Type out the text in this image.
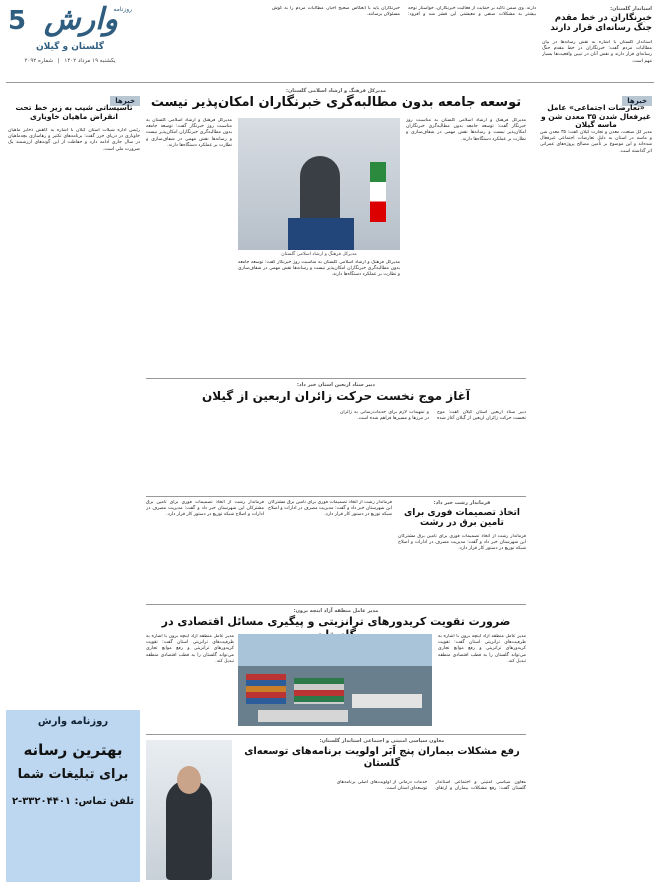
5 وارش
روزنامه
گلستان و گیلان
یکشنبه ۱۹ مرداد ۱۴۰۲ | شماره ۲۰۹۲
دارند. وی ضمن تأکید بر حمایت از فعالیت خبرنگاران، خواستار توجه بیشتر به مشکلات صنفی و معیشتی این قشر شد و افزود: خبرنگاران باید با انعکاس صحیح اخبار، مطالبات مردم را به گوش مسئولان برسانند.
استاندار گلستان:
خبرنگاران در خط مقدم جنگ رسانه‌ای قرار دارند
استاندار گلستان با اشاره به نقش رسانه‌ها در بیان مطالبات مردم گفت: خبرنگاران در خط مقدم جنگ رسانه‌ای قرار دارند و نقش آنان در تبیین واقعیت‌ها بسیار مهم است.
خبرها
تاسیساتی شیب به زیر خط تحت انقراض ماهیان خاویاری
رئیس اداره شیلات استان گیلان با اشاره به کاهش ذخایر ماهیان خاویاری در دریای خزر گفت: برنامه‌های تکثیر و رهاسازی بچه‌ماهیان در سال جاری ادامه دارد و حفاظت از این گونه‌های ارزشمند یک ضرورت ملی است.
روزنامه وارش
بهترین رسانه
برای تبلیغات شما
تلفن تماس: ۳۳۲۰۴۴۰۱-۲
خبرها
«تعارضات اجتماعی» عامل غیرفعال شدن ۳۵ معدن شن و ماسه گیلان
مدیر کل صنعت، معدن و تجارت گیلان گفت: ۳۵ معدن شن و ماسه در استان به دلیل تعارضات اجتماعی غیرفعال شده‌اند و این موضوع بر تأمین مصالح پروژه‌های عمرانی اثر گذاشته است.
مدیرکل فرهنگ و ارشاد اسلامی گلستان:
توسعه جامعه بدون مطالبه‌گری خبرنگاران امکان‌پذیر نیست
مدیرکل فرهنگ و ارشاد اسلامی گلستان به مناسبت روز خبرنگار گفت: توسعه جامعه بدون مطالبه‌گری خبرنگاران امکان‌پذیر نیست و رسانه‌ها نقش مهمی در شفاف‌سازی و نظارت بر عملکرد دستگاه‌ها دارند.
مدیرکل فرهنگ و ارشاد اسلامی گلستان
مدیرکل فرهنگ و ارشاد اسلامی گلستان به مناسبت روز خبرنگار گفت: توسعه جامعه بدون مطالبه‌گری خبرنگاران امکان‌پذیر نیست و رسانه‌ها نقش مهمی در شفاف‌سازی و نظارت بر عملکرد دستگاه‌ها دارند.
مدیرکل فرهنگ و ارشاد اسلامی گلستان به مناسبت روز خبرنگار گفت: توسعه جامعه بدون مطالبه‌گری خبرنگاران امکان‌پذیر نیست و رسانه‌ها نقش مهمی در شفاف‌سازی و نظارت بر عملکرد دستگاه‌ها دارند.
دبیر ستاد اربعین استان خبر داد:
آغاز موج نخست حرکت زائران اربعین از گیلان
دبیر ستاد اربعین استان گیلان گفت: موج نخست حرکت زائران اربعین از گیلان آغاز شده و تمهیدات لازم برای خدمات‌رسانی به زائران در مرزها و مسیرها فراهم شده است.
فرماندار رشت از اتخاذ تصمیمات فوری برای تامین برق مشترکان این شهرستان خبر داد و گفت: مدیریت مصرف در ادارات و اصلاح شبکه توزیع در دستور کار قرار دارد.
فرماندار رشت از اتخاذ تصمیمات فوری برای تامین برق مشترکان این شهرستان خبر داد و گفت: مدیریت مصرف در ادارات و اصلاح شبکه توزیع در دستور کار قرار دارد.
فرماندار رشت خبر داد:
اتخاذ تصمیمات فوری برای تامین برق در رشت
فرماندار رشت از اتخاذ تصمیمات فوری برای تامین برق مشترکان این شهرستان خبر داد و گفت: مدیریت مصرف در ادارات و اصلاح شبکه توزیع در دستور کار قرار دارد.
مدیر عامل منطقه آزاد اینچه برون:
ضرورت تقویت کریدورهای ترانزیتی و پیگیری مسائل اقتصادی در
مدیر عامل منطقه آزاد اینچه برون با اشاره به ظرفیت‌های ترانزیتی استان گفت: تقویت کریدورهای ترانزیتی و رفع موانع تجاری می‌تواند گلستان را به قطب اقتصادی منطقه تبدیل کند.
مدیر عامل منطقه آزاد اینچه برون با اشاره به ظرفیت‌های ترانزیتی استان گفت: تقویت کریدورهای ترانزیتی و رفع موانع تجاری می‌تواند گلستان را به قطب اقتصادی منطقه تبدیل کند.
معاون سیاسی امنیتی و اجتماعی استاندار گلستان:
رفع مشکلات بیماران پنج اَبَر اولویت برنامه‌های توسعه‌ای گلستان
معاون سیاسی امنیتی و اجتماعی استاندار گلستان گفت: رفع مشکلات بیماران و ارتقای خدمات درمانی از اولویت‌های اصلی برنامه‌های توسعه‌ای استان است.
